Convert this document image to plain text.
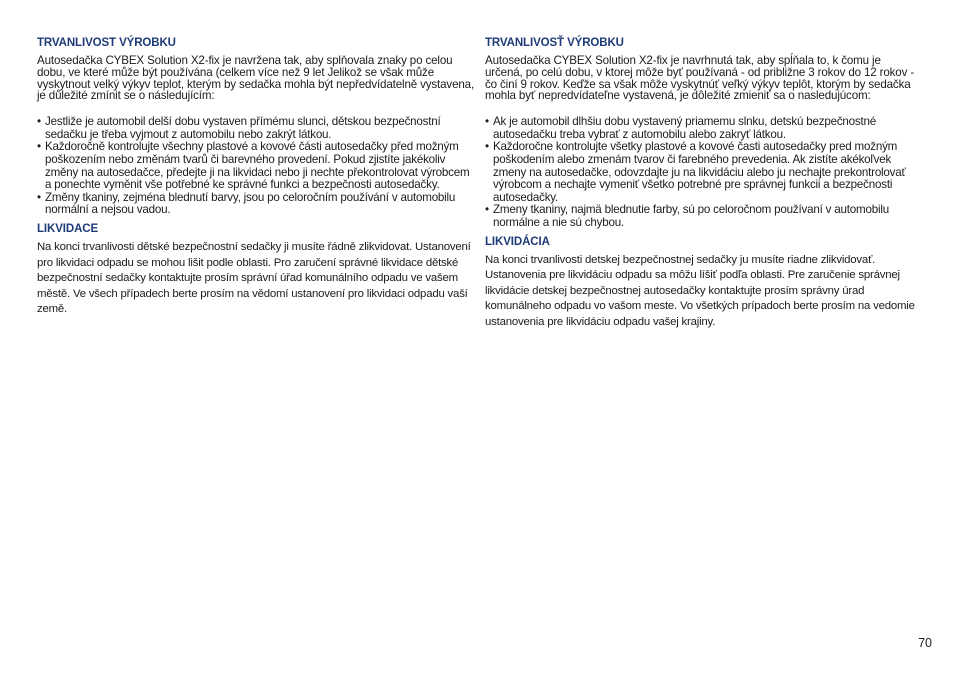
TRVANLIVOST VÝROBKU

Autosedačka CYBEX Solution X2-fix je navržena tak, aby splňovala znaky po celou dobu, ve které může být používána (celkem více než 9 let Jelikož se však může vyskytnout velký výkyv teplot, kterým by sedačka mohla být nepředvídatelně vystavena, je důležité zmínit se o následujícím:

• Jestliže je automobil delší dobu vystaven přímému slunci, dětskou bezpečnostní sedačku je třeba vyjmout z automobilu nebo zakrýt látkou.
• Každoročně kontrolujte všechny plastové a kovové části autosedačky před možným poškozením nebo změnám tvarů či barevného provedení. Pokud zjistíte jakékoliv změny na autosedačce, předejte ji na likvidaci nebo ji nechte překontrolovat výrobcem a ponechte vyměnit vše potřebné ke správné funkci a bezpečnosti autosedačky.
• Změny tkaniny, zejména blednutí barvy, jsou po celoročním používání v automobilu normální a nejsou vadou.
LIKVIDACE

Na konci trvanlivosti dětské bezpečnostní sedačky ji musíte řádně zlikvidovat. Ustanovení pro likvidaci odpadu se mohou lišit podle oblasti. Pro zaručení správné likvidace dětské bezpečnostní sedačky kontaktujte prosím správní úřad komunálního odpadu ve vašem městě. Ve všech případech berte prosím na vědomí ustanovení pro likvidaci odpadu vaší země.

TRVANLIVOSŤ VÝROBKU

Autosedačka CYBEX Solution X2-fix je navrhnutá tak, aby spĺňala to, k čomu je určená, po celú dobu, v ktorej môže byť používaná - od približne 3 rokov do 12 rokov - čo činí 9 rokov. Keďže sa však môže vyskytnúť veľký výkyv teplôt, ktorým by sedačka mohla byť nepredvídateľne vystavená, je dôležité zmieniť sa o nasledujúcom:

• Ak je automobil dlhšiu dobu vystavený priamemu slnku, detskú bezpečnostné autosedačku treba vybrať z automobilu alebo zakryť látkou.
• Každoročne kontrolujte všetky plastové a kovové časti autosedačky pred možným poškodením alebo zmenám tvarov či farebného prevedenia. Ak zistíte akékoľvek zmeny na autosedačke, odovzdajte ju na likvidáciu alebo ju nechajte prekontrolovať výrobcom a nechajte vymeniť všetko potrebné pre správnej funkcii a bezpečnosti autosedačky.
• Zmeny tkaniny, najmä blednutie farby, sú po celoročnom používaní v automobilu normálne a nie sú chybou.
LIKVIDÁCIA

Na konci trvanlivosti detskej bezpečnostnej sedačky ju musíte riadne zlikvidovať. Ustanovenia pre likvidáciu odpadu sa môžu líšiť podľa oblasti. Pre zaručenie správnej likvidácie detskej bezpečnostnej autosedačky kontaktujte prosím správny úrad komunálneho odpadu vo vašom meste. Vo všetkých prípadoch berte prosím na vedomie ustanovenia pre likvidáciu odpadu vašej krajiny.

70
